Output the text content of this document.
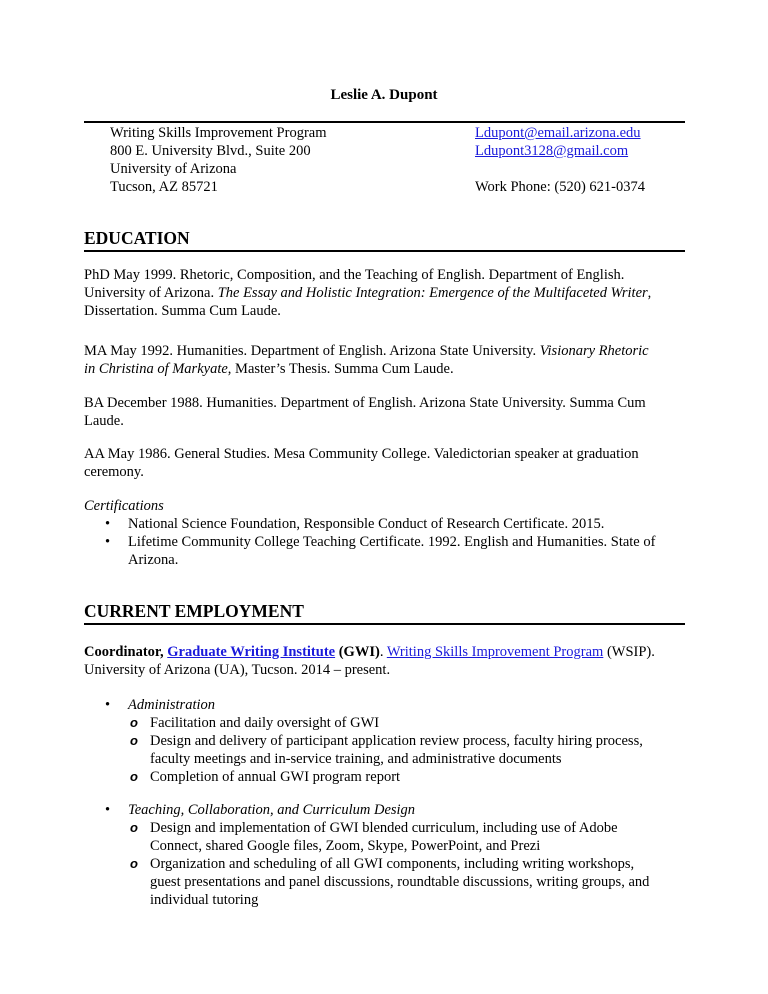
Leslie A. Dupont
Writing Skills Improvement Program
800 E. University Blvd., Suite 200
University of Arizona
Tucson, AZ 85721
Ldupont@email.arizona.edu
Ldupont3128@gmail.com
Work Phone: (520) 621-0374
EDUCATION
PhD May 1999. Rhetoric, Composition, and the Teaching of English. Department of English.
University of Arizona. The Essay and Holistic Integration: Emergence of the Multifaceted Writer,
Dissertation. Summa Cum Laude.
MA May 1992. Humanities. Department of English. Arizona State University. Visionary Rhetoric
in Christina of Markyate, Master’s Thesis. Summa Cum Laude.
BA December 1988. Humanities. Department of English. Arizona State University. Summa Cum
Laude.
AA May 1986. General Studies. Mesa Community College. Valedictorian speaker at graduation
ceremony.
Certifications
• National Science Foundation, Responsible Conduct of Research Certificate. 2015.
• Lifetime Community College Teaching Certificate. 1992. English and Humanities. State of
Arizona.
CURRENT EMPLOYMENT
Coordinator, Graduate Writing Institute (GWI). Writing Skills Improvement Program (WSIP).
University of Arizona (UA), Tucson. 2014 – present.
• Administration
o Facilitation and daily oversight of GWI
o Design and delivery of participant application review process, faculty hiring process,
faculty meetings and in-service training, and administrative documents
o Completion of annual GWI program report
• Teaching, Collaboration, and Curriculum Design
o Design and implementation of GWI blended curriculum, including use of Adobe
Connect, shared Google files, Zoom, Skype, PowerPoint, and Prezi
o Organization and scheduling of all GWI components, including writing workshops,
guest presentations and panel discussions, roundtable discussions, writing groups, and
individual tutoring
